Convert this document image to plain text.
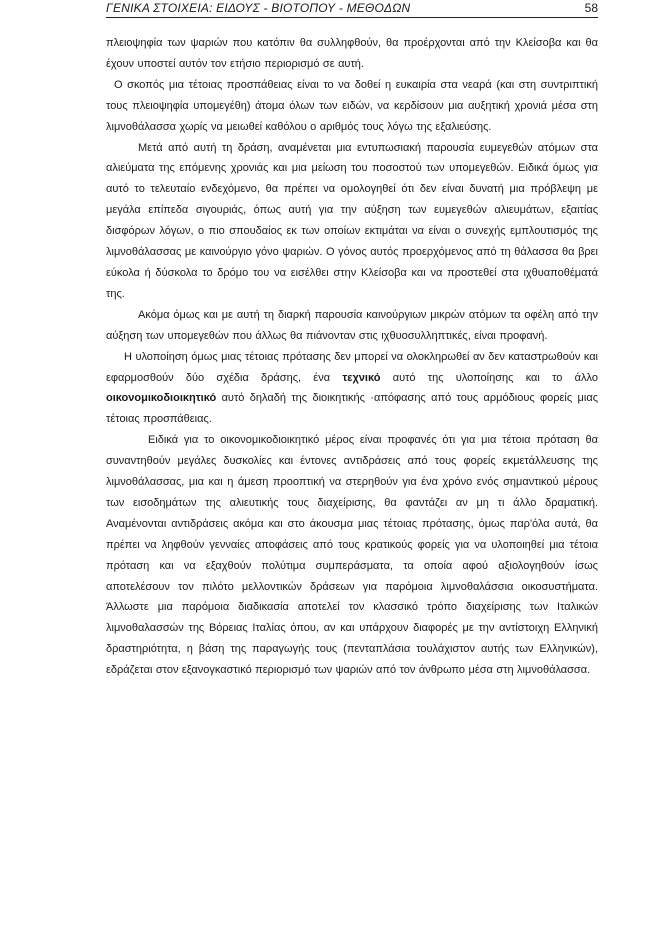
ΓΕΝΙΚΑ ΣΤΟΙΧΕΙΑ: ΕΙΔΟΥΣ - ΒΙΟΤΟΠΟΥ - ΜΕΘΟΔΩΝ	58

πλειοψηφία των ψαριών που κατόπιν θα συλληφθούν, θα προέρχονται από την Κλείσοβα και θα έχουν υποστεί αυτόν τον ετήσιο περιορισμό σε αυτή.

Ο σκοπός μια τέτοιας προσπάθειας είναι το να δοθεί η ευκαιρία στα νεαρά (και στη συντριπτική τους πλειοψηφία υπομεγέθη) άτομα όλων των ειδών, να κερδίσουν μια αυξητική χρονιά μέσα στη λιμνοθάλασσα χωρίς να μειωθεί καθόλου ο αριθμός τους λόγω της εξαλιεύσης.

Μετά από αυτή τη δράση, αναμένεται μια εντυπωσιακή παρουσία ευμεγεθών ατόμων στα αλιεύματα της επόμενης χρονιάς και μια μείωση του ποσοστού των υπομεγεθών. Ειδικά όμως για αυτό το τελευταίο ενδεχόμενο, θα πρέπει να ομολογηθεί ότι δεν είναι δυνατή μια πρόβλεψη με μεγάλα επίπεδα σιγουριάς, όπως αυτή για την αύξηση των ευμεγεθών αλιευμάτων, εξαιτίας δισφόρων λόγων, ο πιο σπουδαίος εκ των οποίων εκτιμάται να είναι ο συνεχής εμπλουτισμός της λιμνοθάλασσας με καινούργιο γόνο ψαριών. Ο γόνος αυτός προερχόμενος από τη θάλασσα θα βρει εύκολα ή δύσκολα το δρόμο του να εισέλθει στην Κλείσοβα και να προστεθεί στα ιχθυαποθέματά της.

Ακόμα όμως και με αυτή τη διαρκή παρουσία καινούργιων μικρών ατόμων τα οφέλη από την αύξηση των υπομεγεθών που άλλως θα πιάνονταν στις ιχθυοσυλληπτικές, είναι προφανή.

Η υλοποίηση όμως μιας τέτοιας πρότασης δεν μπορεί να ολοκληρωθεί αν δεν καταστρωθούν και εφαρμοσθούν δύο σχέδια δράσης, ένα τεχνικό αυτό της υλοποίησης και το άλλο οικονομικοδιοικητικό αυτό δηλαδή της διοικητικής ·απόφασης από τους αρμόδιους φορείς μιας τέτοιας προσπάθειας.

Ειδικά για το οικονομικοδιοικητικό μέρος είναι προφανές ότι για μια τέτοια πρόταση θα συναντηθούν μεγάλες δυσκολίες και έντονες αντιδράσεις από τους φορείς εκμετάλλευσης της λιμνοθάλασσας, μια και η άμεση προοπτική να στερηθούν για ένα χρόνο ενός σημαντικού μέρους των εισοδημάτων της αλιευτικής τους διαχείρισης, θα φαντάζει αν μη τι άλλο δραματική. Αναμένονται αντιδράσεις ακόμα και στο άκουσμα μιας τέτοιας πρότασης, όμως παρ'όλα αυτά, θα πρέπει να ληφθούν γενναίες αποφάσεις από τους κρατικούς φορείς για να υλοποιηθεί μια τέτοια πρόταση και να εξαχθούν πολύτιμα συμπεράσματα, τα οποία αφού αξιολογηθούν ίσως αποτελέσουν τον πιλότο μελλοντικών δράσεων για παρόμοια λιμνοθαλάσσια οικοσυστήματα. Άλλωστε μια παρόμοια διαδικασία αποτελεί τον κλασσικό τρόπο διαχείρισης των Ιταλικών λιμνοθαλασσών της Βόρειας Ιταλίας όπου, αν και υπάρχουν διαφορές με την αντίστοιχη Ελληνική δραστηριότητα, η βάση της παραγωγής τους (πενταπλάσια τουλάχιστον αυτής των Ελληνικών), εδράζεται στον εξανογκαστικό περιορισμό των ψαριών από τον άνθρωπο μέσα στη λιμνοθάλασσα.
